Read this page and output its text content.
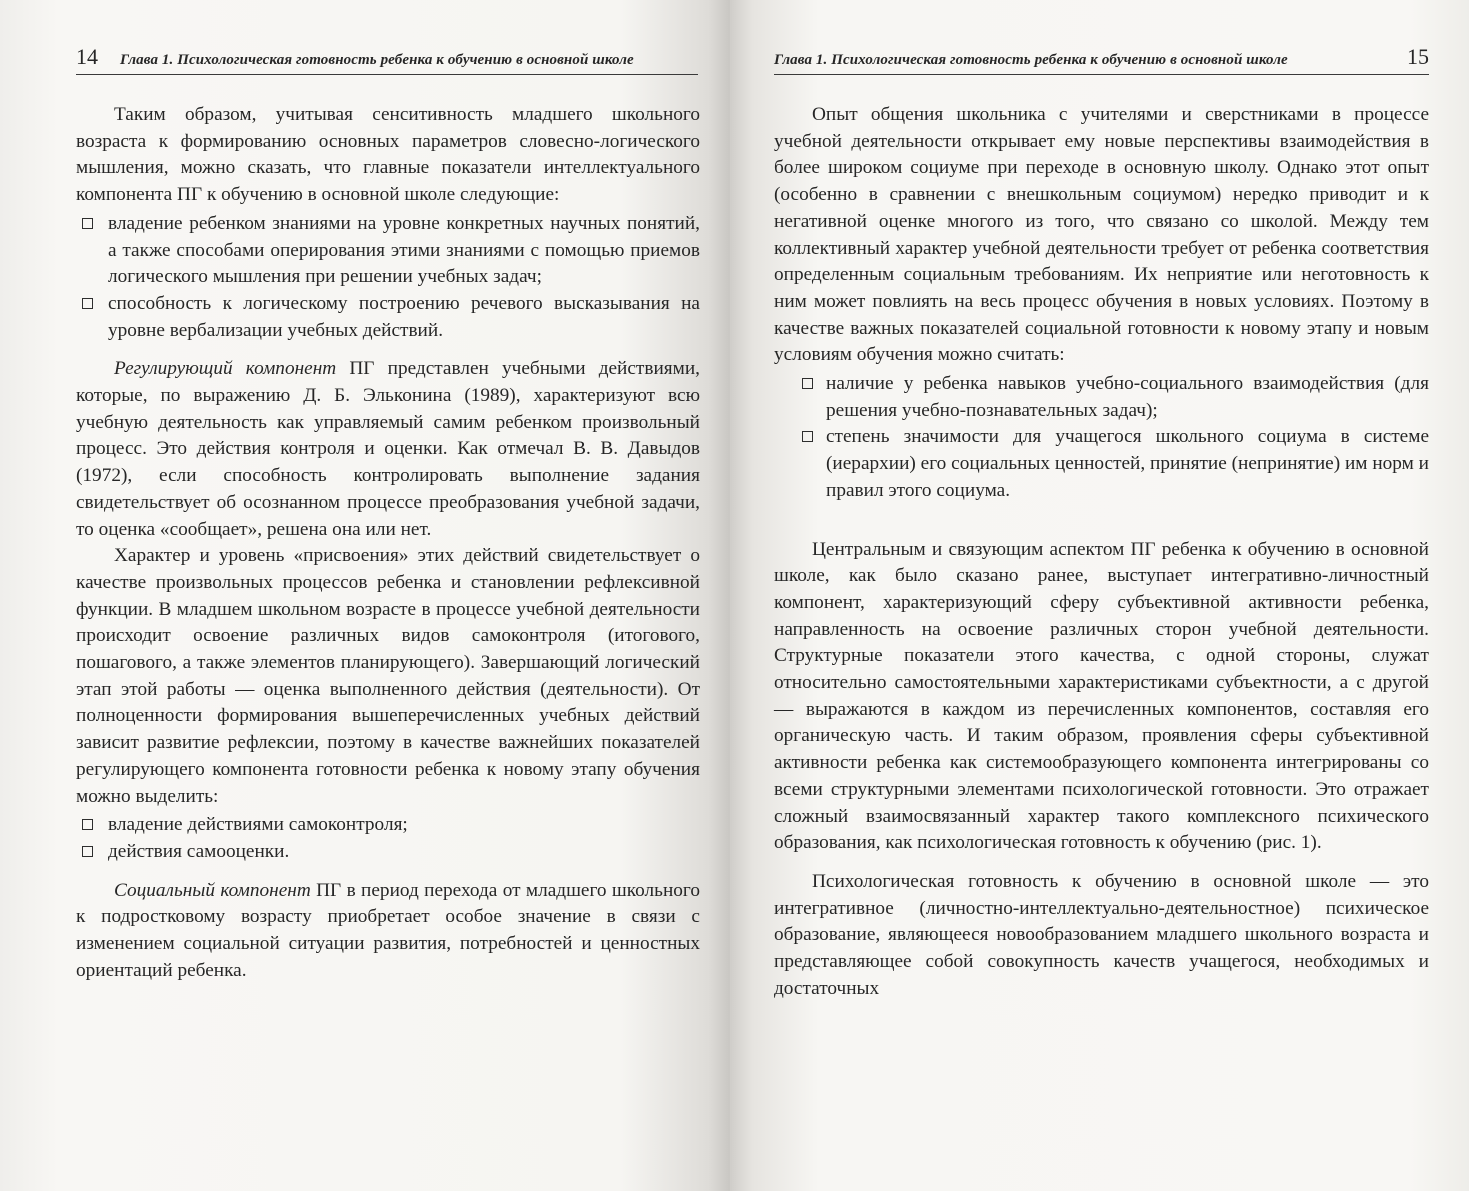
14 Глава 1. Психологическая готовность ребенка к обучению в основной школе

Таким образом, учитывая сенситивность младшего школьного возраста к формированию основных параметров словесно-логического мышления, можно сказать, что главные показатели интеллектуального компонента ПГ к обучению в основной школе следующие:

владение ребенком знаниями на уровне конкретных научных понятий, а также способами оперирования этими знаниями с помощью приемов логического мышления при решении учебных задач;
способность к логическому построению речевого высказывания на уровне вербализации учебных действий.

Регулирующий компонент ПГ представлен учебными действиями, которые, по выражению Д. Б. Эльконина (1989), характеризуют всю учебную деятельность как управляемый самим ребенком произвольный процесс. Это действия контроля и оценки. Как отмечал В. В. Давыдов (1972), если способность контролировать выполнение задания свидетельствует об осознанном процессе преобразования учебной задачи, то оценка «сообщает», решена она или нет.

Характер и уровень «присвоения» этих действий свидетельствует о качестве произвольных процессов ребенка и становлении рефлексивной функции. В младшем школьном возрасте в процессе учебной деятельности происходит освоение различных видов самоконтроля (итогового, пошагового, а также элементов планирующего). Завершающий логический этап этой работы — оценка выполненного действия (деятельности). От полноценности формирования вышеперечисленных учебных действий зависит развитие рефлексии, поэтому в качестве важнейших показателей регулирующего компонента готовности ребенка к новому этапу обучения можно выделить:

владение действиями самоконтроля;
действия самооценки.

Социальный компонент ПГ в период перехода от младшего школьного к подростковому возрасту приобретает особое значение в связи с изменением социальной ситуации развития, потребностей и ценностных ориентаций ребенка.

Глава 1. Психологическая готовность ребенка к обучению в основной школе	15

Опыт общения школьника с учителями и сверстниками в процессе учебной деятельности открывает ему новые перспективы взаимодействия в более широком социуме при переходе в основную школу. Однако этот опыт (особенно в сравнении с внешкольным социумом) нередко приводит и к негативной оценке многого из того, что связано со школой. Между тем коллективный характер учебной деятельности требует от ребенка соответствия определенным социальным требованиям. Их неприятие или неготовность к ним может повлиять на весь процесс обучения в новых условиях. Поэтому в качестве важных показателей социальной готовности к новому этапу и новым условиям обучения можно считать:

наличие у ребенка навыков учебно-социального взаимодействия (для решения учебно-познавательных задач);
степень значимости для учащегося школьного социума в системе (иерархии) его социальных ценностей, принятие (непринятие) им норм и правил этого социума.

Центральным и связующим аспектом ПГ ребенка к обучению в основной школе, как было сказано ранее, выступает интегративно-личностный компонент, характеризующий сферу субъективной активности ребенка, направленность на освоение различных сторон учебной деятельности. Структурные показатели этого качества, с одной стороны, служат относительно самостоятельными характеристиками субъектности, а с другой — выражаются в каждом из перечисленных компонентов, составляя его органическую часть. И таким образом, проявления сферы субъективной активности ребенка как системообразующего компонента интегрированы со всеми структурными элементами психологической готовности. Это отражает сложный взаимосвязанный характер такого комплексного психического образования, как психологическая готовность к обучению (рис. 1).

Психологическая готовность к обучению в основной школе — это интегративное (личностно-интеллектуально-деятельностное) психическое образование, являющееся новообразованием младшего школьного возраста и представляющее собой совокупность качеств учащегося, необходимых и достаточных
